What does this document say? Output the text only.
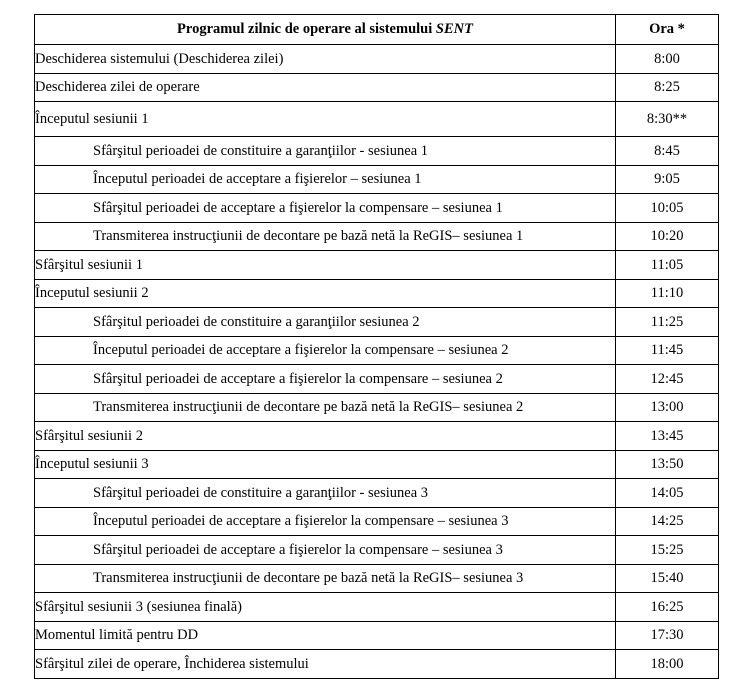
Programul zilnic de operare al sistemului SENT	Ora *
Deschiderea sistemului (Deschiderea zilei)	8:00
Deschiderea zilei de operare	8:25
Începutul sesiunii 1	8:30**
Sfârşitul perioadei de constituire a garanţiilor - sesiunea 1	8:45
Începutul perioadei de acceptare a fişierelor – sesiunea 1	9:05
Sfârşitul perioadei de acceptare a fişierelor la compensare – sesiunea 1	10:05
Transmiterea instrucţiunii de decontare pe bază netă la ReGIS– sesiunea 1	10:20
Sfârşitul sesiunii 1	11:05
Începutul sesiunii 2	11:10
Sfârşitul perioadei de constituire a garanţiilor sesiunea 2	11:25
Începutul perioadei de acceptare a fişierelor la compensare – sesiunea 2	11:45
Sfârşitul perioadei de acceptare a fişierelor la compensare – sesiunea 2	12:45
Transmiterea instrucţiunii de decontare pe bază netă la ReGIS– sesiunea 2	13:00
Sfârşitul sesiunii 2	13:45
Începutul sesiunii 3	13:50
Sfârşitul perioadei de constituire a garanţiilor - sesiunea 3	14:05
Începutul perioadei de acceptare a fişierelor la compensare – sesiunea 3	14:25
Sfârşitul perioadei de acceptare a fişierelor la compensare – sesiunea 3	15:25
Transmiterea instrucţiunii de decontare pe bază netă la ReGIS– sesiunea 3	15:40
Sfârşitul sesiunii 3 (sesiunea finală)	16:25
Momentul limită pentru DD	17:30
Sfârşitul zilei de operare, Închiderea sistemului	18:00
